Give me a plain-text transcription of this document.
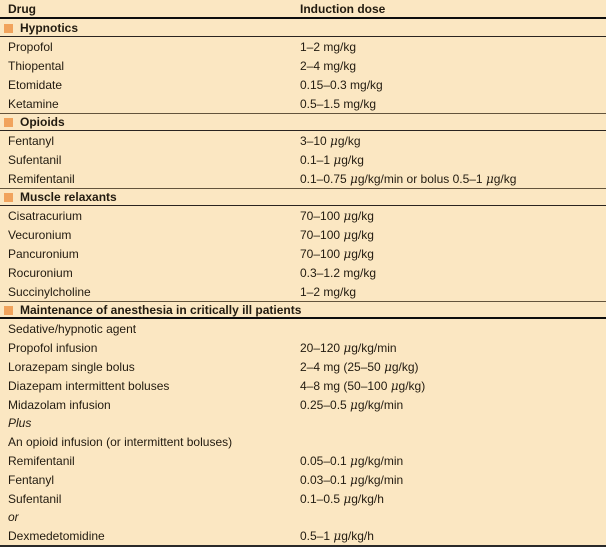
Drug	Induction dose
Hypnotics
Propofol	1–2 mg/kg
Thiopental	2–4 mg/kg
Etomidate	0.15–0.3 mg/kg
Ketamine	0.5–1.5 mg/kg
Opioids
Fentanyl	3–10 μg/kg
Sufentanil	0.1–1 μg/kg
Remifentanil	0.1–0.75 μg/kg/min or bolus 0.5–1 μg/kg
Muscle relaxants
Cisatracurium	70–100 μg/kg
Vecuronium	70–100 μg/kg
Pancuronium	70–100 μg/kg
Rocuronium	0.3–1.2 mg/kg
Succinylcholine	1–2 mg/kg
Maintenance of anesthesia in critically ill patients
Sedative/hypnotic agent
Propofol infusion	20–120 μg/kg/min
Lorazepam single bolus	2–4 mg (25–50 μg/kg)
Diazepam intermittent boluses	4–8 mg (50–100 μg/kg)
Midazolam infusion	0.25–0.5 μg/kg/min
Plus
An opioid infusion (or intermittent boluses)
Remifentanil	0.05–0.1 μg/kg/min
Fentanyl	0.03–0.1 μg/kg/min
Sufentanil	0.1–0.5 μg/kg/h
or
Dexmedetomidine	0.5–1 μg/kg/h
